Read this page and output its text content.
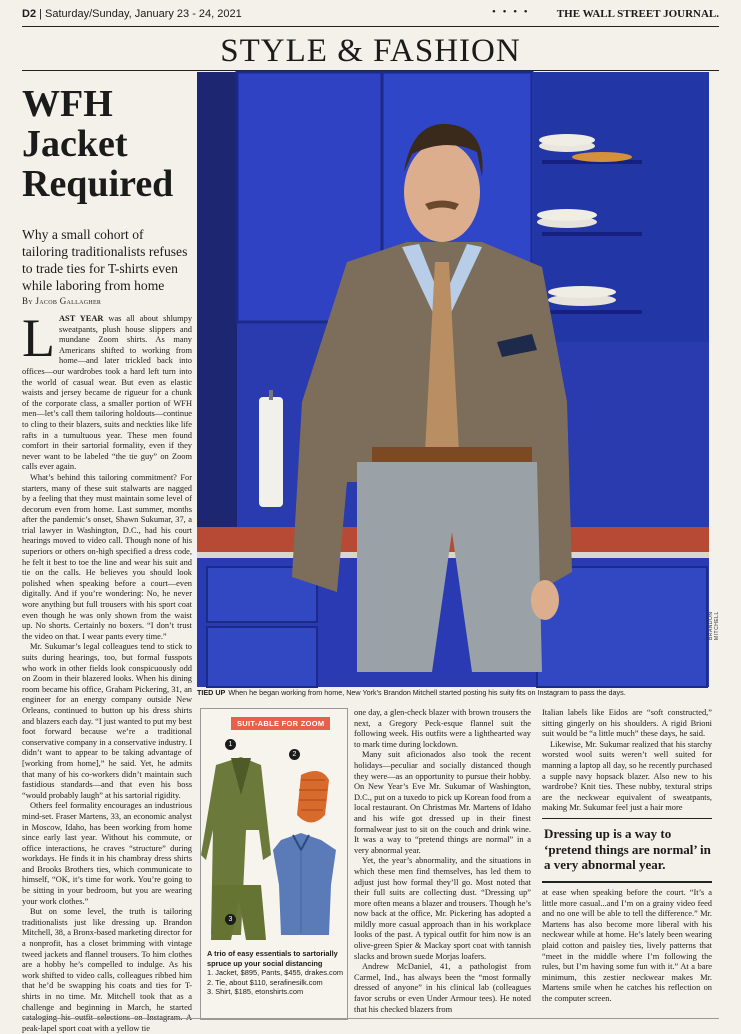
D2 | Saturday/Sunday, January 23 - 24, 2021	• • • • THE WALL STREET JOURNAL.
STYLE & FASHION
WFH Jacket Required
Why a small cohort of tailoring traditionalists refuses to trade ties for T-shirts even while laboring from home
By Jacob Gallagher

LAST YEAR was all about shlumpy sweatpants, plush house slippers and mundane Zoom shirts. As many Americans shifted to working from home—and later trickled back into offices—our wardrobes took a hard left turn into the world of casual wear. But even as elastic waists and jersey became de rigueur for a chunk of the corporate class, a smaller portion of WFH men—let’s call them tailoring holdouts—continue to cling to their blazers, suits and neckties like life rafts in a tumultuous year. These men found comfort in their sartorial formality, even if they never want to be labeled “the tie guy” on Zoom calls ever again.

What’s behind this tailoring commitment? For starters, many of these suit stalwarts are nagged by a feeling that they must maintain some level of decorum even from home. Last summer, months after the pandemic’s onset, Shawn Sukumar, 37, a trial lawyer in Washington, D.C., had his court hearings moved to video call. Though none of his superiors or others on-high specified a dress code, he felt it best to toe the line and wear his suit and tie on the calls. He believes you should look polished when speaking before a court—even digitally. And if you’re wondering: No, he never wore anything but full trousers with his sport coat even though he was only shown from the waist up. No shorts. Certainly no boxers. “I don’t trust the video on that. I wear pants every time.”

Mr. Sukumar’s legal colleagues tend to stick to suits during hearings, too, but formal fusspots who work in other fields look conspicuously odd on Zoom in their blazered looks. When his dining room became his office, Graham Pickering, 31, an engineer for an energy company outside New Orleans, continued to button up his dress shirts and blazers each day. “I just wanted to put my best foot forward because we’re a traditional conservative company in a conservative industry. I didn’t want to appear to be taking advantage of [working from home],” he said. Yet, he admits that many of his co-workers didn’t maintain such fastidious standards—and that even his boss “would probably laugh” at his sartorial rigidity.

Others feel formality encourages an industrious mind-set. Fraser Martens, 33, an economic analyst in Moscow, Idaho, has been working from home since early last year. Without his commute, or office interactions, he craves “structure” during workdays. He finds it in his chambray dress shirts and Brooks Brothers ties, which communicate to himself, “OK, it’s time for work. You’re going to be sitting in your bedroom, but you are wearing your work clothes.”

But on some level, the truth is tailoring traditionalists just like dressing up. Brandon Mitchell, 38, a Bronx-based marketing director for a nonprofit, has a closet brimming with vintage tweed jackets and flannel trousers. To him clothes are a hobby he’s compelled to indulge. As his work shifted to video calls, colleagues ribbed him that he’d be swapping his coats and ties for T-shirts in no time. Mr. Mitchell took that as a challenge and beginning in March, he started cataloging his outfit selections on Instagram. A peak-lapel sport coat with a yellow tie

BRANDON MITCHELL
TIED UP When he began working from home, New York’s Brandon Mitchell started posting his suity fits on Instagram to pass the days.
SUIT-ABLE FOR ZOOM
1
2
3
A trio of easy essentials to sartorially spruce up your social distancing
1. Jacket, $895, Pants, $455, drakes.com
2. Tie, about $110, serafinesilk.com
3. Shirt, $185, etonshirts.com

one day, a glen-check blazer with brown trousers the next, a Gregory Peck-esque flannel suit the following week. His outfits were a lighthearted way to mark time during lockdown.

Many suit aficionados also took the recent holidays—peculiar and socially distanced though they were—as an opportunity to pursue their hobby. On New Year’s Eve Mr. Sukumar of Washington, D.C., put on a tuxedo to pick up Korean food from a local restaurant. On Christmas Mr. Martens of Idaho and his wife got dressed up in their finest formalwear just to sit on the couch and drink wine. It was a way to “pretend things are normal” in a very abnormal year.

Yet, the year’s abnormality, and the situations in which these men find themselves, has led them to adjust just how formal they’ll go. Most noted that their full suits are collecting dust. “Dressing up” more often means a blazer and trousers. Though he’s now back at the office, Mr. Pickering has adopted a mildly more casual approach than in his workplace looks of the past. A typical outfit for him now is an olive-green Spier & Mackay sport coat with tannish slacks and brown suede Morjas loafers.

Andrew McDaniel, 41, a pathologist from Carmel, Ind., has always been the “most formally dressed of anyone” in his clinical lab (colleagues favor scrubs or even Under Armour tees). He noted that his checked blazers from

Italian labels like Eidos are “soft constructed,” sitting gingerly on his shoulders. A rigid Brioni suit would be “a little much” these days, he said.

Likewise, Mr. Sukumar realized that his starchy worsted wool suits weren’t well suited for manning a laptop all day, so he recently purchased a supple navy hopsack blazer. Also new to his wardrobe? Knit ties. These nubby, textural strips are the neckwear equivalent of sweatpants, making Mr. Sukumar feel just a hair more

Dressing up is a way to ‘pretend things are normal’ in a very abnormal year.

at ease when speaking before the court. “It’s a little more casual...and I’m on a grainy video feed and no one will be able to tell the difference.” Mr. Martens has also become more liberal with his neckwear while at home. He’s lately been wearing plaid cotton and paisley ties, lively patterns that “meet in the middle where I’m following the rules, but I’m having some fun with it.” At a bare minimum, this zestier neckwear makes Mr. Martens smile when he catches his reflection on the computer screen.
